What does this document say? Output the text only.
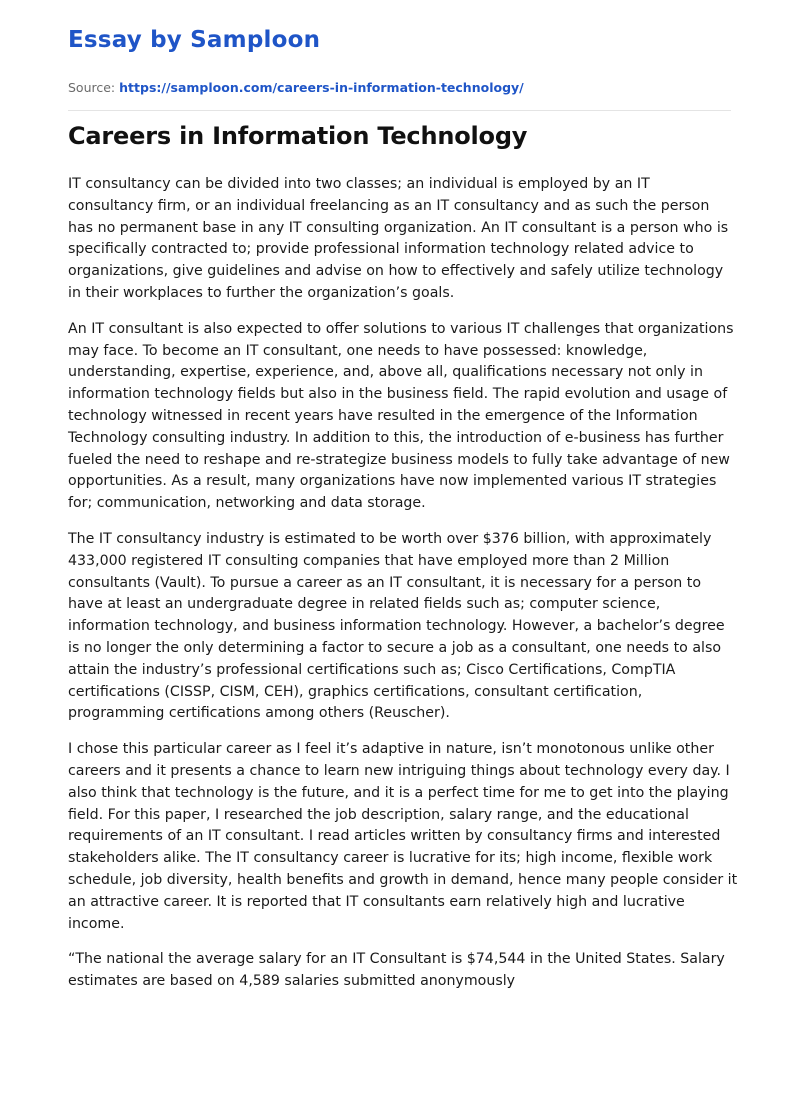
Essay by Samploon
Source: https://samploon.com/careers-in-information-technology/
Careers in Information Technology

IT consultancy can be divided into two classes; an individual is employed by an IT consultancy firm, or an individual freelancing as an IT consultancy and as such the person has no permanent base in any IT consulting organization. An IT consultant is a person who is specifically contracted to; provide professional information technology related advice to organizations, give guidelines and advise on how to effectively and safely utilize technology in their workplaces to further the organization’s goals.

An IT consultant is also expected to offer solutions to various IT challenges that organizations may face. To become an IT consultant, one needs to have possessed: knowledge, understanding, expertise, experience, and, above all, qualifications necessary not only in information technology fields but also in the business field. The rapid evolution and usage of technology witnessed in recent years have resulted in the emergence of the Information Technology consulting industry. In addition to this, the introduction of e-business has further fueled the need to reshape and re-strategize business models to fully take advantage of new opportunities. As a result, many organizations have now implemented various IT strategies for; communication, networking and data storage.

The IT consultancy industry is estimated to be worth over $376 billion, with approximately 433,000 registered IT consulting companies that have employed more than 2 Million consultants (Vault). To pursue a career as an IT consultant, it is necessary for a person to have at least an undergraduate degree in related fields such as; computer science, information technology, and business information technology. However, a bachelor’s degree is no longer the only determining a factor to secure a job as a consultant, one needs to also attain the industry’s professional certifications such as; Cisco Certifications, CompTIA certifications (CISSP, CISM, CEH), graphics certifications, consultant certification, programming certifications among others (Reuscher).

I chose this particular career as I feel it’s adaptive in nature, isn’t monotonous unlike other careers and it presents a chance to learn new intriguing things about technology every day. I also think that technology is the future, and it is a perfect time for me to get into the playing field. For this paper, I researched the job description, salary range, and the educational requirements of an IT consultant. I read articles written by consultancy firms and interested stakeholders alike. The IT consultancy career is lucrative for its; high income, flexible work schedule, job diversity, health benefits and growth in demand, hence many people consider it an attractive career. It is reported that IT consultants earn relatively high and lucrative income.

“The national the average salary for an IT Consultant is $74,544 in the United States. Salary estimates are based on 4,589 salaries submitted anonymously
